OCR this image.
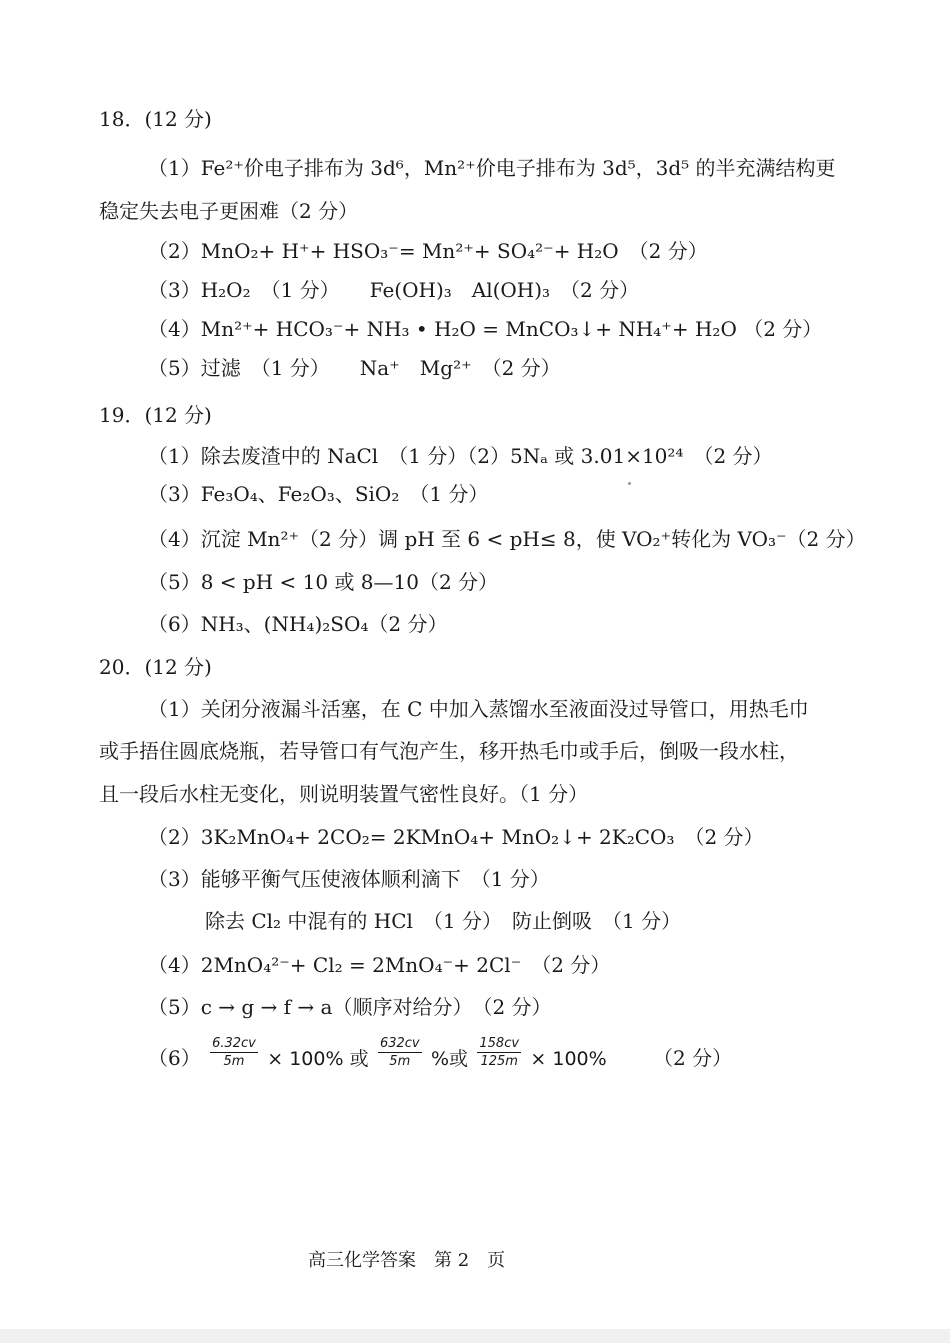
18．(12 分)
（1）Fe²⁺价电子排布为 3d⁶，Mn²⁺价电子排布为 3d⁵，3d⁵ 的半充满结构更
稳定失去电子更困难（2 分）
（2）MnO₂+ H⁺+ HSO₃⁻= Mn²⁺+ SO₄²⁻+ H₂O　（2 分）
（3）H₂O₂　（1 分）　　Fe(OH)₃　Al(OH)₃　（2 分）
（4）Mn²⁺+ HCO₃⁻+ NH₃ • H₂O = MnCO₃↓+ NH₄⁺+ H₂O （2 分）
（5）过滤　（1 分）　　Na⁺　Mg²⁺　（2 分）
19．(12 分)
（1）除去废渣中的 NaCl　（1 分）（2）5Nₐ 或 3.01×10²⁴　（2 分）
（3）Fe₃O₄、Fe₂O₃、SiO₂　（1 分）
（4）沉淀 Mn²⁺（2 分）调 pH 至 6 < pH≤ 8，使 VO₂⁺转化为 VO₃⁻（2 分）
（5）8 < pH < 10 或 8—10（2 分）
（6）NH₃、(NH₄)₂SO₄（2 分）
20．(12 分)
（1）关闭分液漏斗活塞，在 C 中加入蒸馏水至液面没过导管口，用热毛巾
或手捂住圆底烧瓶，若导管口有气泡产生，移开热毛巾或手后，倒吸一段水柱，
且一段后水柱无变化，则说明装置气密性良好。（1 分）
（2）3K₂MnO₄+ 2CO₂= 2KMnO₄+ MnO₂↓+ 2K₂CO₃　（2 分）
（3）能够平衡气压使液体顺利滴下　（1 分）
除去 Cl₂ 中混有的 HCl　（1 分）　防止倒吸　（1 分）
（4）2MnO₄²⁻+ Cl₂ = 2MnO₄⁻+ 2Cl⁻　（2 分）
（5）c → g → f → a（顺序对给分）　（2 分）
$(6) \frac{6.32cv}{5m} \times 100\%$ 或 $\frac{632cv}{5m}$ %或 $\frac{158cv}{125m} \times 100\%$ （2 分）
高三化学答案　第 2　页
